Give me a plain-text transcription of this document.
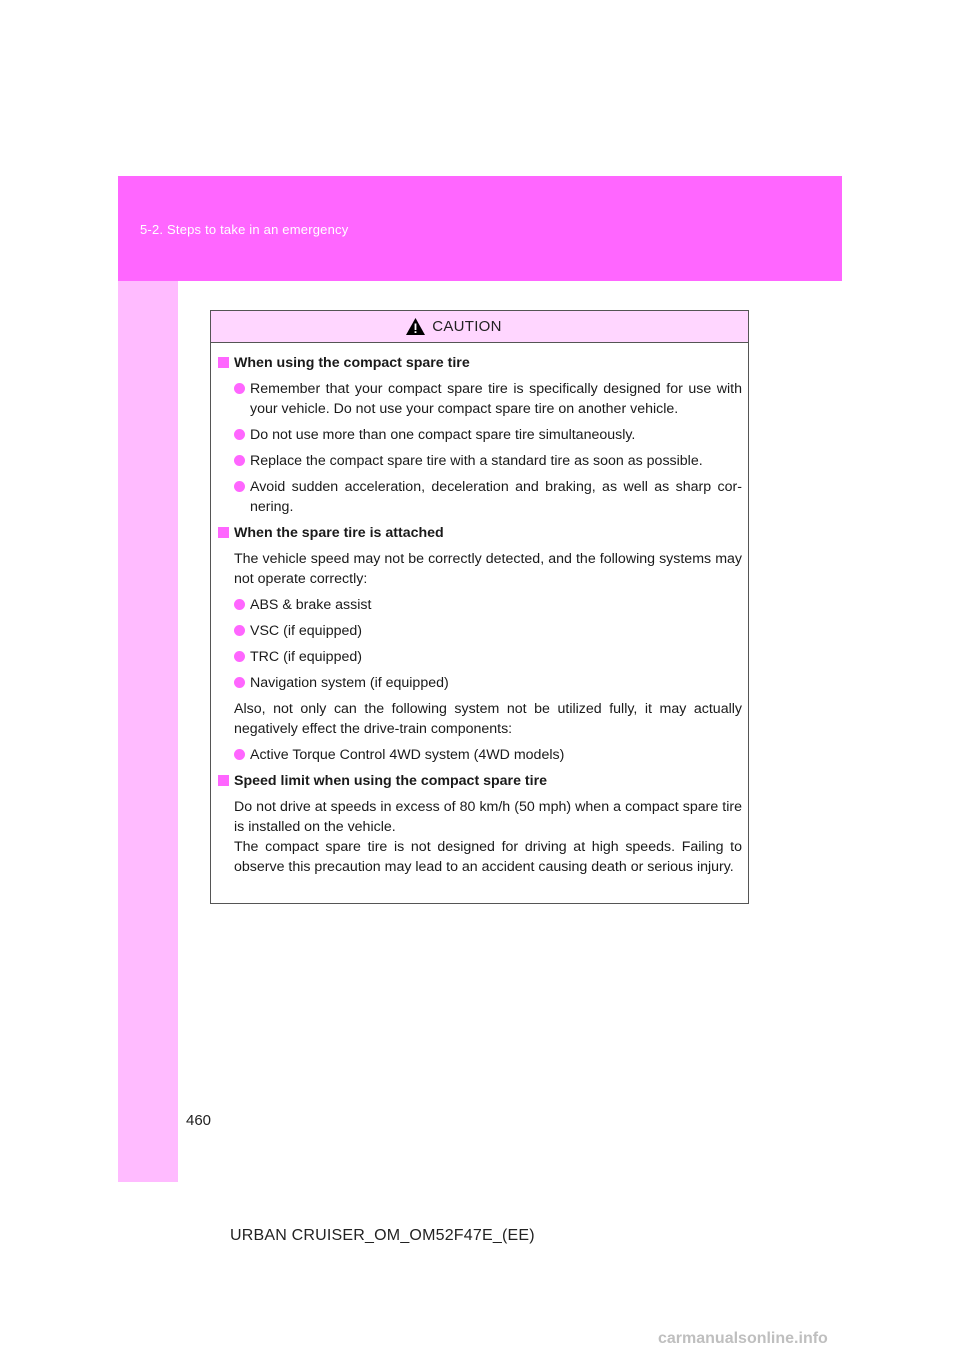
5-2. Steps to take in an emergency
CAUTION
When using the compact spare tire
Remember that your compact spare tire is specifically designed for use with your vehicle. Do not use your compact spare tire on another vehicle.
Do not use more than one compact spare tire simultaneously.
Replace the compact spare tire with a standard tire as soon as possible.
Avoid sudden acceleration, deceleration and braking, as well as sharp cor-nering.
When the spare tire is attached
The vehicle speed may not be correctly detected, and the following systems may not operate correctly:
ABS & brake assist
VSC (if equipped)
TRC (if equipped)
Navigation system (if equipped)
Also, not only can the following system not be utilized fully, it may actually negatively effect the drive-train components:
Active Torque Control 4WD system (4WD models)
Speed limit when using the compact spare tire
Do not drive at speeds in excess of 80 km/h (50 mph) when a compact spare tire is installed on the vehicle.
The compact spare tire is not designed for driving at high speeds. Failing to observe this precaution may lead to an accident causing death or serious injury.
460
URBAN CRUISER_OM_OM52F47E_(EE)
carmanualsonline.info
